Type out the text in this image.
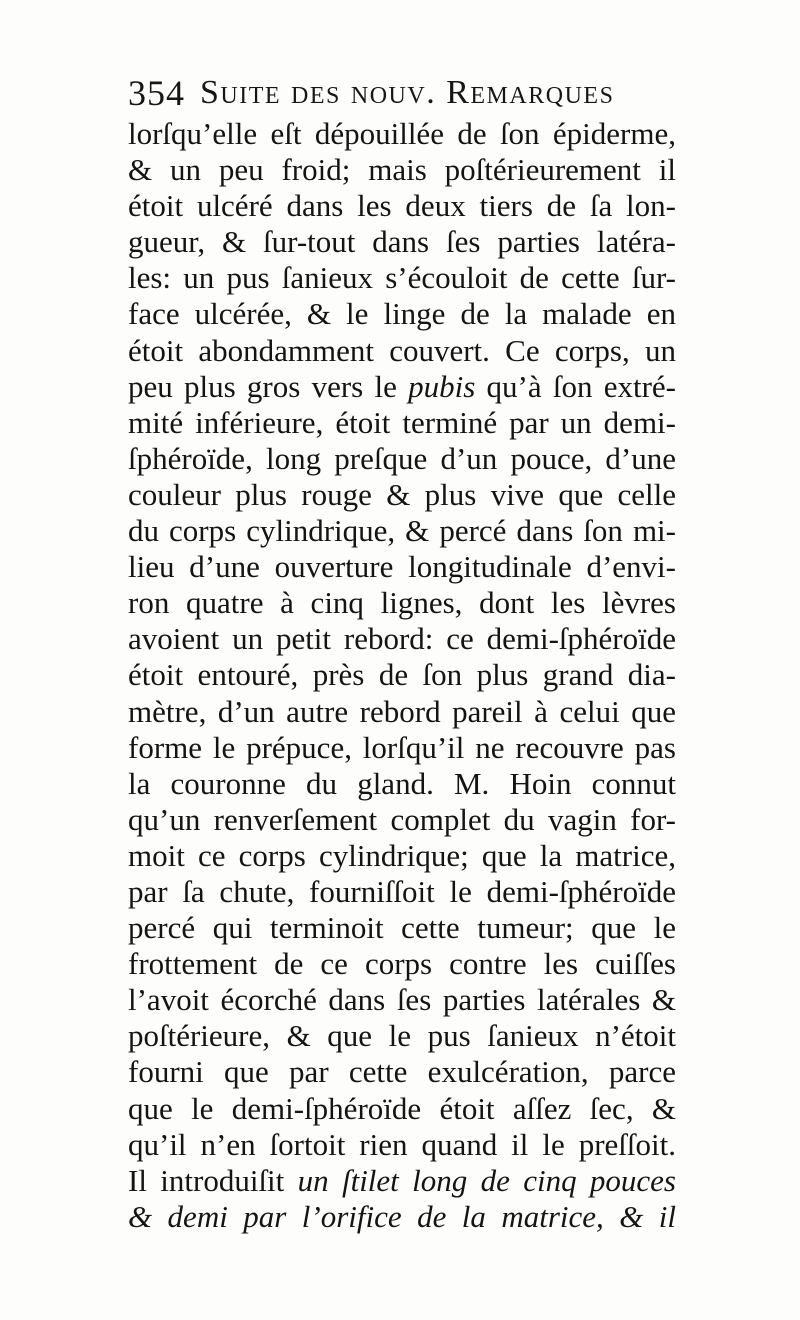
354 Suite des nouv. Remarques
lorſqu’elle eſt dépouillée de ſon épiderme,
& un peu froid; mais poſtérieurement il
étoit ulcéré dans les deux tiers de ſa lon-
gueur, & ſur-tout dans ſes parties latéra-
les: un pus ſanieux s’écouloit de cette ſur-
face ulcérée, & le linge de la malade en
étoit abondamment couvert. Ce corps, un
peu plus gros vers le pubis qu’à ſon extré-
mité inférieure, étoit terminé par un demi-
ſphéroïde, long preſque d’un pouce, d’une
couleur plus rouge & plus vive que celle
du corps cylindrique, & percé dans ſon mi-
lieu d’une ouverture longitudinale d’envi-
ron quatre à cinq lignes, dont les lèvres
avoient un petit rebord: ce demi-ſphéroïde
étoit entouré, près de ſon plus grand dia-
mètre, d’un autre rebord pareil à celui que
forme le prépuce, lorſqu’il ne recouvre pas
la couronne du gland. M. Hoin connut
qu’un renverſement complet du vagin for-
moit ce corps cylindrique; que la matrice,
par ſa chute, fourniſſoit le demi-ſphéroïde
percé qui terminoit cette tumeur; que le
frottement de ce corps contre les cuiſſes
l’avoit écorché dans ſes parties latérales &
poſtérieure, & que le pus ſanieux n’étoit
fourni que par cette exulcération, parce
que le demi-ſphéroïde étoit aſſez ſec, &
qu’il n’en ſortoit rien quand il le preſſoit.
Il introduiſit un ſtilet long de cinq pouces
& demi par l’orifice de la matrice, & il
